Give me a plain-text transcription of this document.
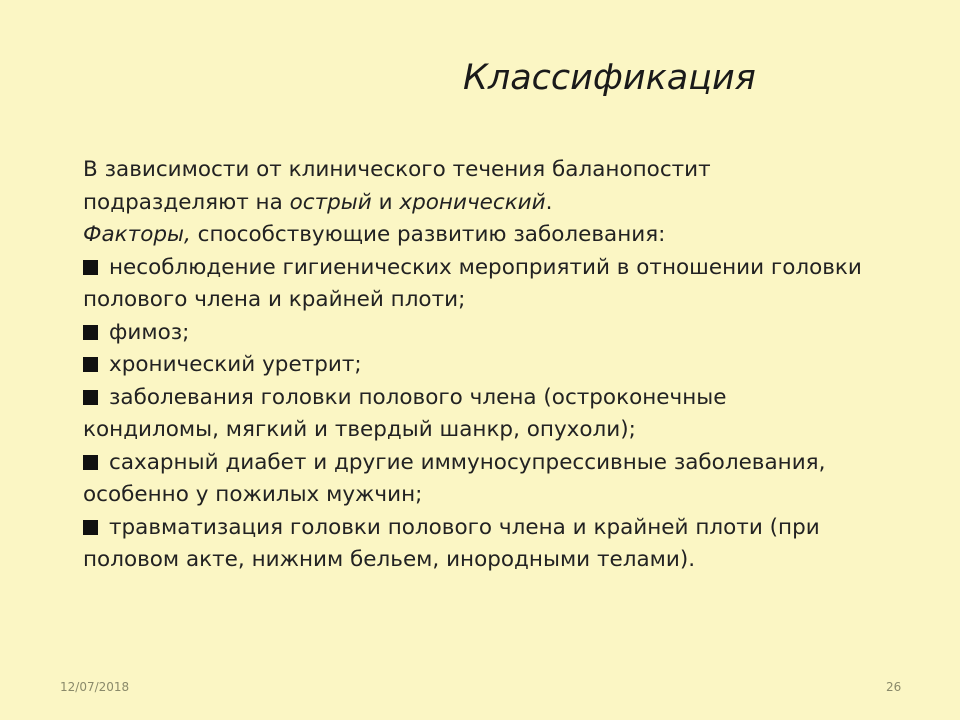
Классификация

В зависимости от клинического течения баланопостит подразделяют на острый и хронический.

Факторы, способствующие развитию заболевания:

несоблюдение гигиенических мероприятий в отношении головки полового члена и крайней плоти;

фимоз;

хронический уретрит;

заболевания головки полового члена (остроконечные кондиломы, мягкий и твердый шанкр, опухоли);

сахарный диабет и другие иммуносупрессивные заболевания, особенно у пожилых мужчин;

травматизация головки полового члена и крайней плоти (при половом акте, нижним бельем, инородными телами).

12/07/2018	26
